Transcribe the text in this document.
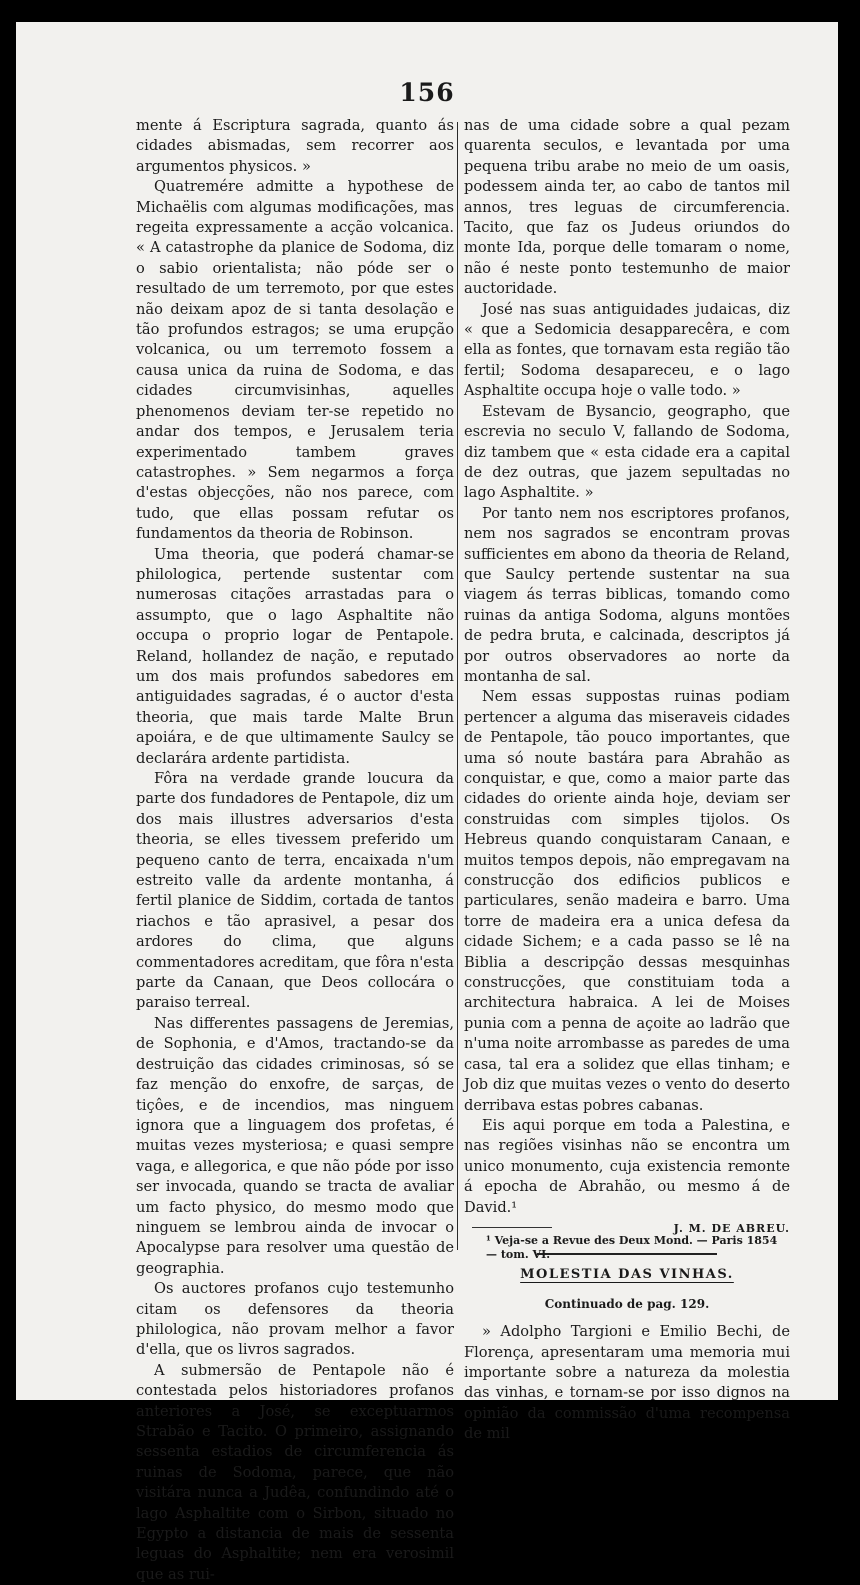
156

mente á Escriptura sagrada, quanto ás cidades abismadas, sem recorrer aos argumentos physicos. »

Quatremére admitte a hypothese de Michaëlis com algumas modificações, mas regeita expressamente a acção volcanica. « A catastrophe da planice de Sodoma, diz o sabio orientalista; não póde ser o resultado de um terremoto, por que estes não deixam apoz de si tanta desolação e tão profundos estragos; se uma erupção volcanica, ou um terremoto fossem a causa unica da ruina de Sodoma, e das cidades circumvisinhas, aquelles phenomenos deviam ter-se repetido no andar dos tempos, e Jerusalem teria experimentado tambem graves catastrophes. » Sem negarmos a força d'estas objecções, não nos parece, com tudo, que ellas possam refutar os fundamentos da theoria de Robinson.

Uma theoria, que poderá chamar-se philologica, pertende sustentar com numerosas citações arrastadas para o assumpto, que o lago Asphaltite não occupa o proprio logar de Pentapole. Reland, hollandez de nação, e reputado um dos mais profundos sabedores em antiguidades sagradas, é o auctor d'esta theoria, que mais tarde Malte Brun apoiára, e de que ultimamente Saulcy se declarára ardente partidista.

Fôra na verdade grande loucura da parte dos fundadores de Pentapole, diz um dos mais illustres adversarios d'esta theoria, se elles tivessem preferido um pequeno canto de terra, encaixada n'um estreito valle da ardente montanha, á fertil planice de Siddim, cortada de tantos riachos e tão aprasivel, a pesar dos ardores do clima, que alguns commentadores acreditam, que fôra n'esta parte da Canaan, que Deos collocára o paraiso terreal.

Nas differentes passagens de Jeremias, de Sophonia, e d'Amos, tractando-se da destruição das cidades criminosas, só se faz menção do enxofre, de sarças, de tiçôes, e de incendios, mas ninguem ignora que a linguagem dos profetas, é muitas vezes mysteriosa; e quasi sempre vaga, e allegorica, e que não póde por isso ser invocada, quando se tracta de avaliar um facto physico, do mesmo modo que ninguem se lembrou ainda de invocar o Apocalypse para resolver uma questão de geographia.

Os auctores profanos cujo testemunho citam os defensores da theoria philologica, não provam melhor a favor d'ella, que os livros sagrados.

A submersão de Pentapole não é contestada pelos historiadores profanos anteriores a José, se exceptuarmos Strabão e Tacito. O primeiro, assignando sessenta estadios de circumferencia ás ruinas de Sodoma, parece, que não visitára nunca a Judêa, confundindo até o lago Asphaltite com o Sirbon, situado no Egypto a distancia de mais de sessenta leguas do Asphaltite; nem era verosimil que as rui-

nas de uma cidade sobre a qual pezam quarenta seculos, e levantada por uma pequena tribu arabe no meio de um oasis, podessem ainda ter, ao cabo de tantos mil annos, tres leguas de circumferencia. Tacito, que faz os Judeus oriundos do monte Ida, porque delle tomaram o nome, não é neste ponto testemunho de maior auctoridade.

José nas suas antiguidades judaicas, diz « que a Sedomicia desapparecêra, e com ella as fontes, que tornavam esta região tão fertil; Sodoma desapareceu, e o lago Asphaltite occupa hoje o valle todo. »

Estevam de Bysancio, geographo, que escrevia no seculo V, fallando de Sodoma, diz tambem que « esta cidade era a capital de dez outras, que jazem sepultadas no lago Asphaltite. »

Por tanto nem nos escriptores profanos, nem nos sagrados se encontram provas sufficientes em abono da theoria de Reland, que Saulcy pertende sustentar na sua viagem ás terras biblicas, tomando como ruinas da antiga Sodoma, alguns montões de pedra bruta, e calcinada, descriptos já por outros observadores ao norte da montanha de sal.

Nem essas suppostas ruinas podiam pertencer a alguma das miseraveis cidades de Pentapole, tão pouco importantes, que uma só noute bastára para Abrahão as conquistar, e que, como a maior parte das cidades do oriente ainda hoje, deviam ser construidas com simples tijolos. Os Hebreus quando conquistaram Canaan, e muitos tempos depois, não empregavam na construcção dos edificios publicos e particulares, senão madeira e barro. Uma torre de madeira era a unica defesa da cidade Sichem; e a cada passo se lê na Biblia a descripção dessas mesquinhas construcções, que constituiam toda a architectura habraica. A lei de Moises punia com a penna de açoite ao ladrão que n'uma noite arrombasse as paredes de uma casa, tal era a solidez que ellas tinham; e Job diz que muitas vezes o vento do deserto derribava estas pobres cabanas.

Eis aqui porque em toda a Palestina, e nas regiões visinhas não se encontra um unico monumento, cuja existencia remonte á epocha de Abrahão, ou mesmo á de David.¹

J. M. DE ABREU.

MOLESTIA DAS VINHAS.

Continuado de pag. 129.

» Adolpho Targioni e Emilio Bechi, de Florença, apresentaram uma memoria mui importante sobre a natureza da molestia das vinhas, e tornam-se por isso dignos na opinião da commissão d'uma recompensa de mil

¹ Veja-se a Revue des Deux Mond. — Paris 1854 — tom. VI.
